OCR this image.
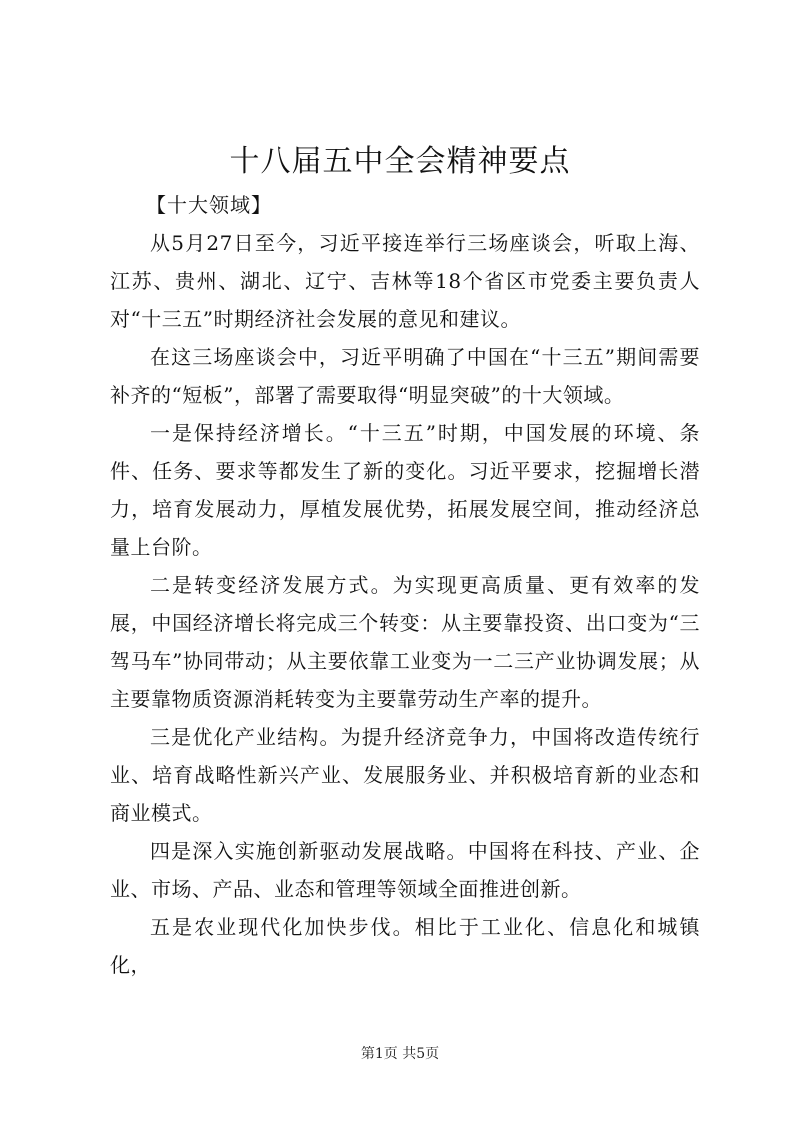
十八届五中全会精神要点

【十大领域】

从5月27日至今，习近平接连举行三场座谈会，听取上海、江苏、贵州、湖北、辽宁、吉林等18个省区市党委主要负责人对“十三五”时期经济社会发展的意见和建议。

在这三场座谈会中，习近平明确了中国在“十三五”期间需要补齐的“短板”，部署了需要取得“明显突破”的十大领域。

一是保持经济增长。“十三五”时期，中国发展的环境、条件、任务、要求等都发生了新的变化。习近平要求，挖掘增长潜力，培育发展动力，厚植发展优势，拓展发展空间，推动经济总量上台阶。

二是转变经济发展方式。为实现更高质量、更有效率的发展，中国经济增长将完成三个转变：从主要靠投资、出口变为“三驾马车”协同带动；从主要依靠工业变为一二三产业协调发展；从主要靠物质资源消耗转变为主要靠劳动生产率的提升。

三是优化产业结构。为提升经济竞争力，中国将改造传统行业、培育战略性新兴产业、发展服务业、并积极培育新的业态和商业模式。

四是深入实施创新驱动发展战略。中国将在科技、产业、企业、市场、产品、业态和管理等领域全面推进创新。

五是农业现代化加快步伐。相比于工业化、信息化和城镇化，

第1页 共5页
